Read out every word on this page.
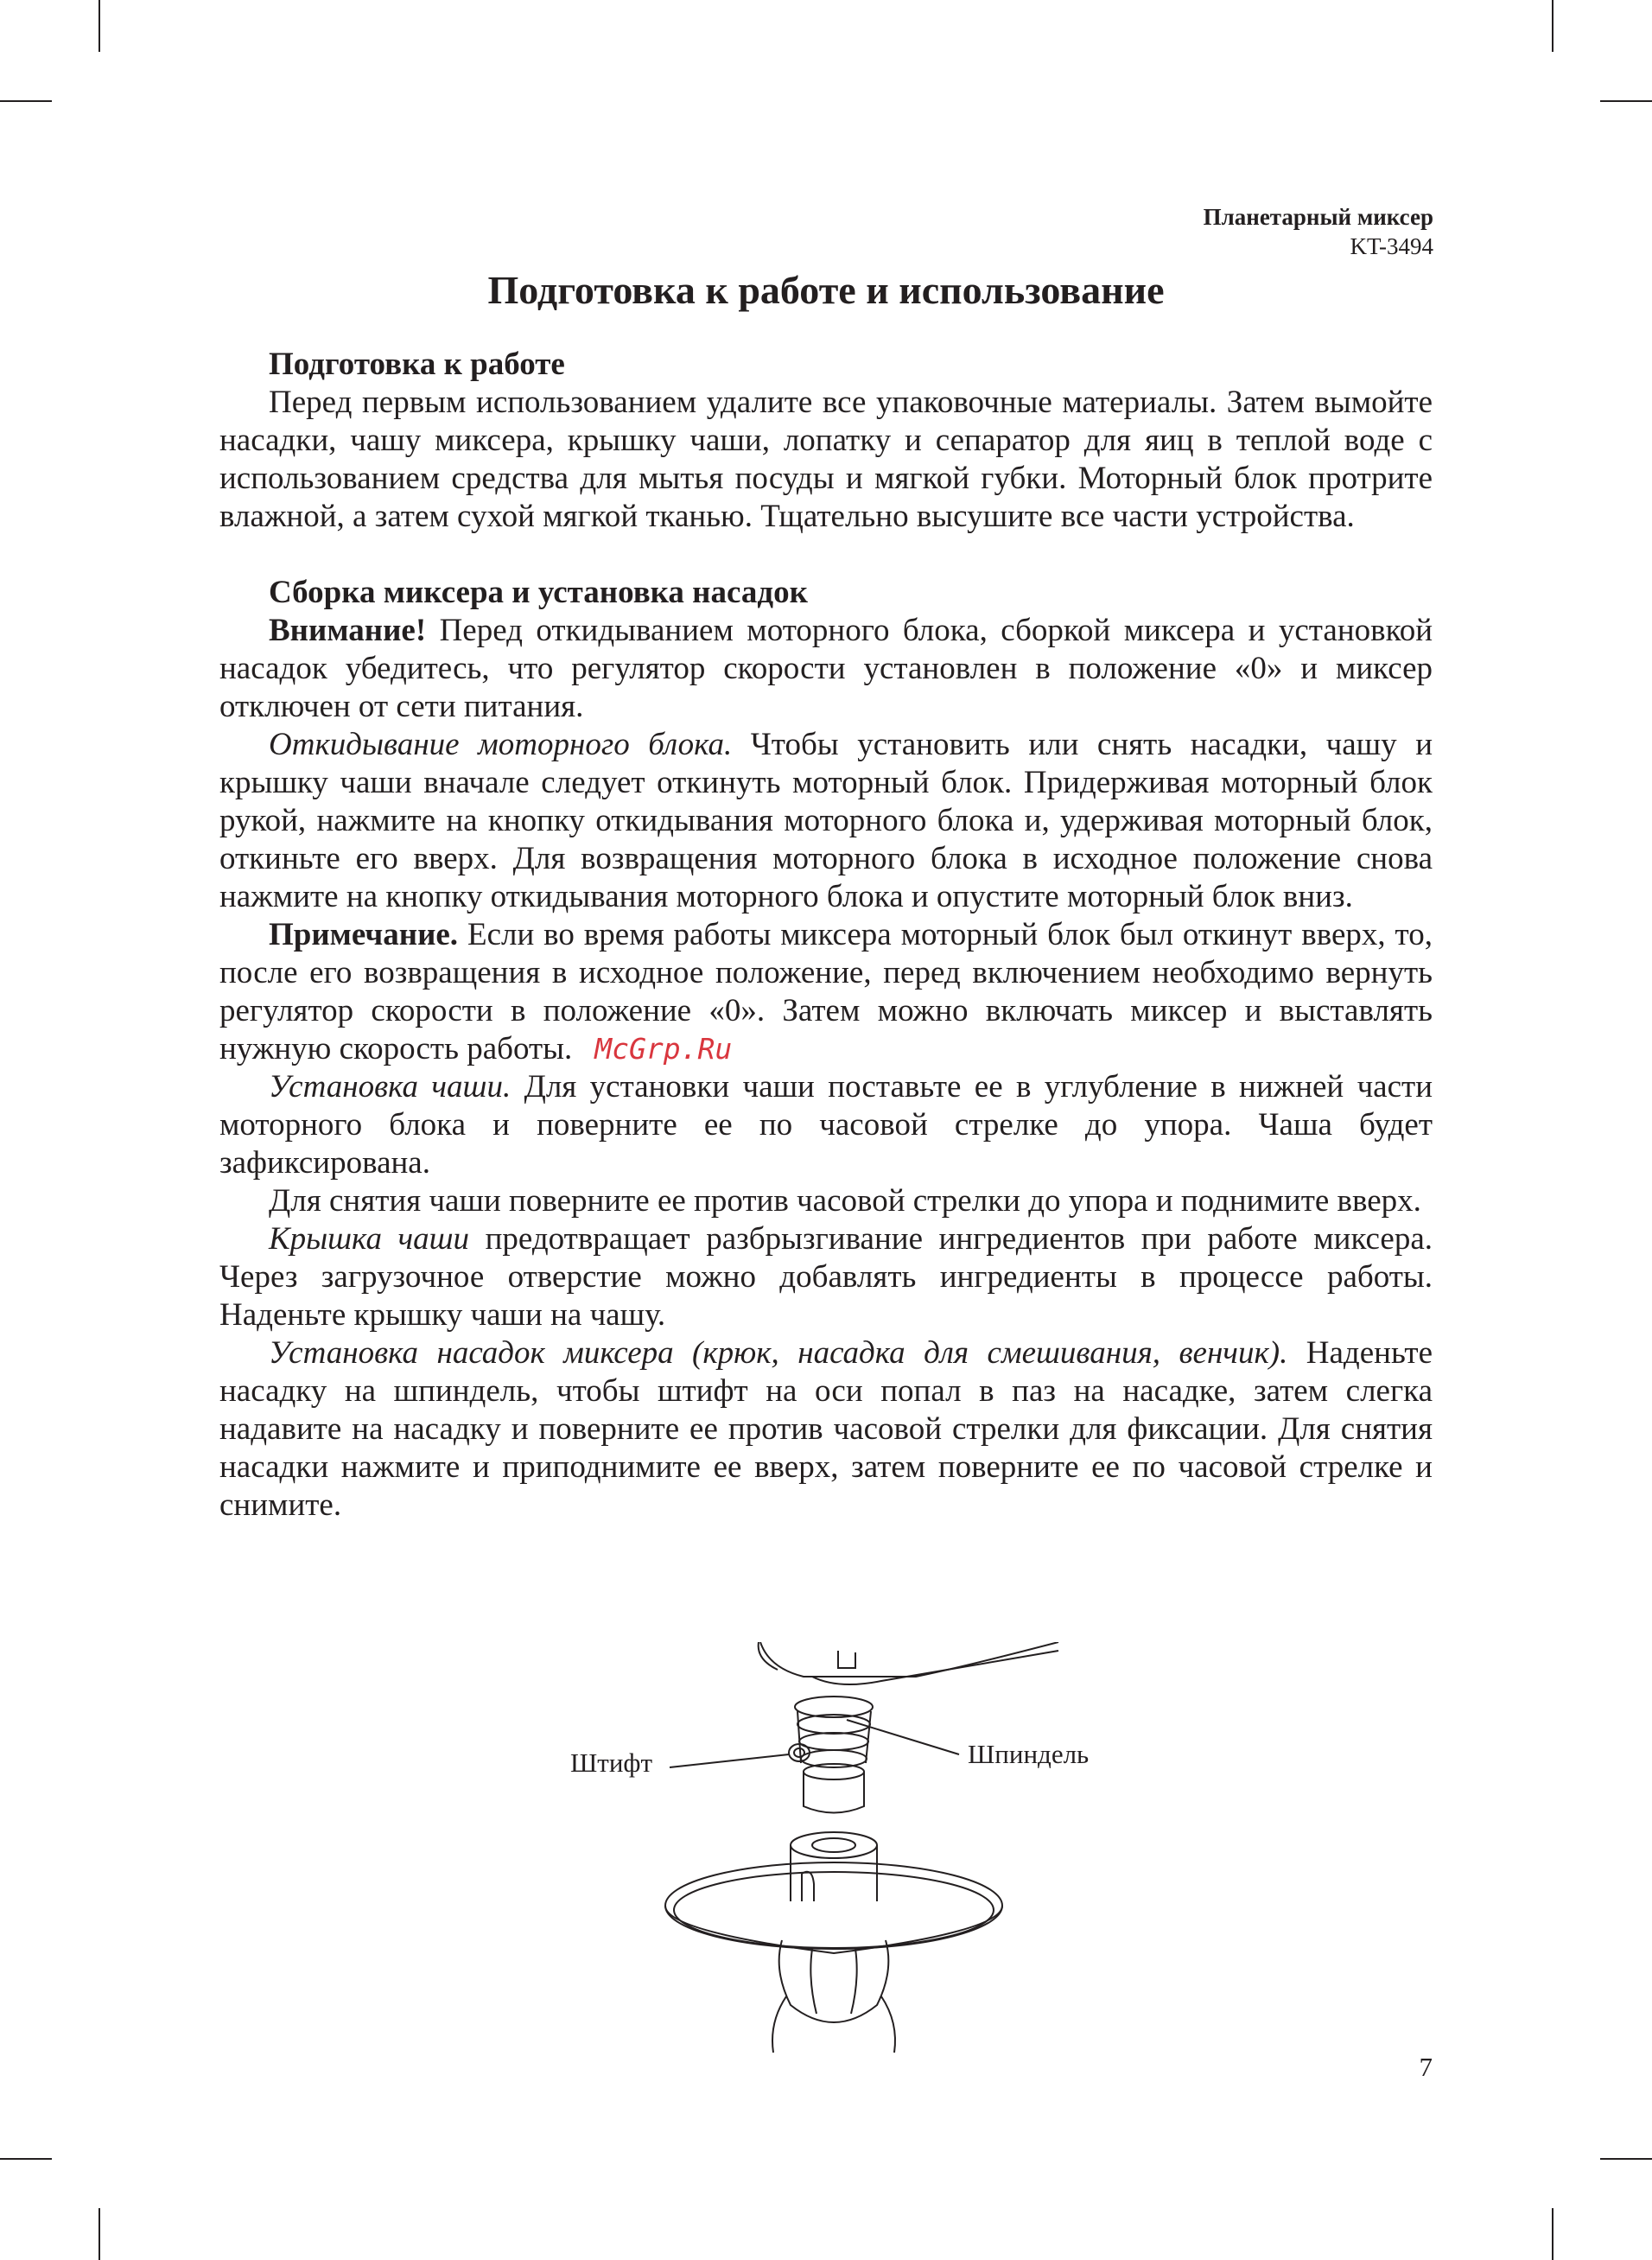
Планетарный миксер
KT-3494
Подготовка к работе и использование
Подготовка к работе

Перед первым использованием удалите все упаковочные материалы. Затем вымойте насадки, чашу миксера, крышку чаши, лопатку и сепаратор для яиц в теплой воде с использованием средства для мытья посуды и мягкой губки. Моторный блок протрите влажной, а затем сухой мягкой тканью. Тщательно высушите все части устройства.

Сборка миксера и установка насадок

Внимание! Перед откидыванием моторного блока, сборкой миксера и установкой насадок убедитесь, что регулятор скорости установлен в положение «0» и миксер отключен от сети питания.

Откидывание моторного блока. Чтобы установить или снять насадки, чашу и крышку чаши вначале следует откинуть моторный блок. Придерживая моторный блок рукой, нажмите на кнопку откидывания моторного блока и, удерживая моторный блок, откиньте его вверх. Для возвращения моторного блока в исходное положение снова нажмите на кнопку откидывания моторного блока и опустите моторный блок вниз.

Примечание. Если во время работы миксера моторный блок был откинут вверх, то, после его возвращения в исходное положение, перед включением необходимо вернуть регулятор скорости в положение «0». Затем можно включать миксер и выставлять нужную скорость работы. McGrp.Ru

Установка чаши. Для установки чаши поставьте ее в углубление в нижней части моторного блока и поверните ее по часовой стрелке до упора. Чаша будет зафиксирована.

Для снятия чаши поверните ее против часовой стрелки до упора и поднимите вверх.

Крышка чаши предотвращает разбрызгивание ингредиентов при работе миксера. Через загрузочное отверстие можно добавлять ингредиенты в процессе работы. Наденьте крышку чаши на чашу.

Установка насадок миксера (крюк, насадка для смешивания, венчик). Наденьте насадку на шпиндель, чтобы штифт на оси попал в паз на насадке, затем слегка надавите на насадку и поверните ее против часовой стрелки для фиксации. Для снятия насадки нажмите и приподнимите ее вверх, затем поверните ее по часовой стрелке и снимите.

Штифт	Шпиндель
7
